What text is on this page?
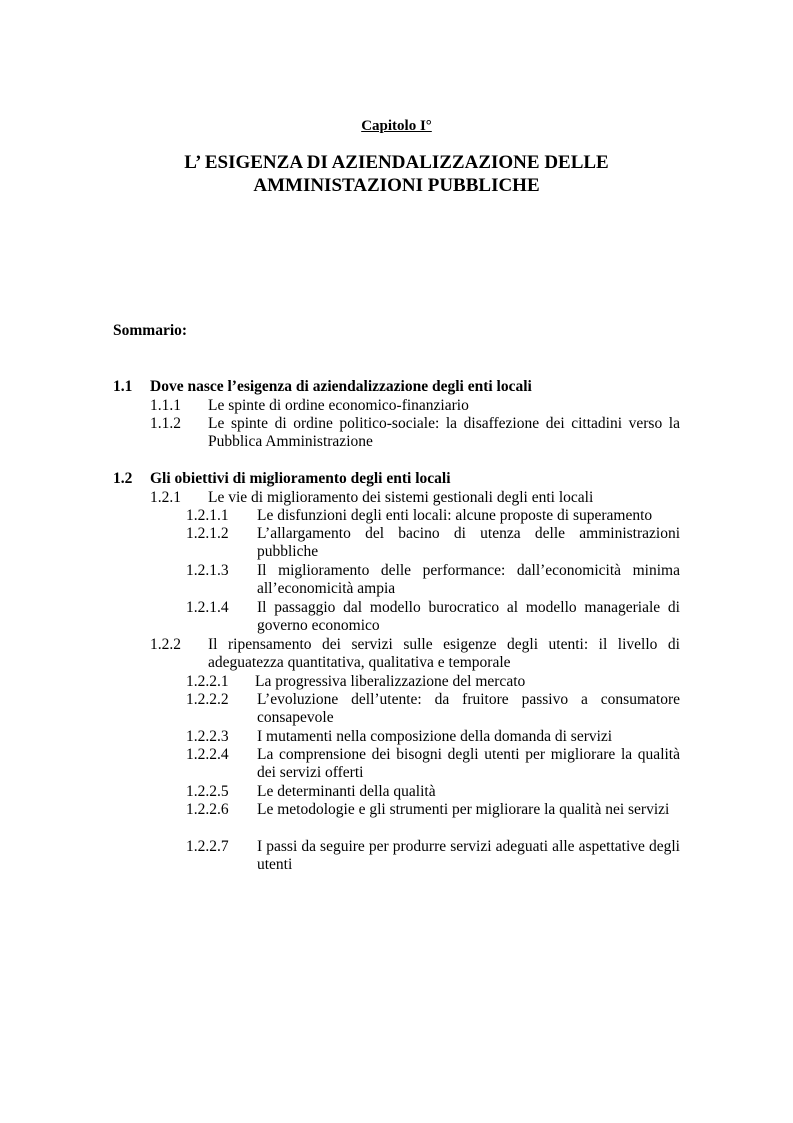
Capitolo I°
L’ ESIGENZA DI AZIENDALIZZAZIONE DELLE
AMMINISTAZIONI PUBBLICHE
Sommario:
1.1 Dove nasce l’esigenza di aziendalizzazione degli enti locali
1.1.1 Le spinte di ordine economico-finanziario
1.1.2 Le spinte di ordine politico-sociale: la disaffezione dei cittadini verso la Pubblica Amministrazione
1.2 Gli obiettivi di miglioramento degli enti locali
1.2.1 Le vie di miglioramento dei sistemi gestionali degli enti locali
1.2.1.1 Le disfunzioni degli enti locali: alcune proposte di superamento
1.2.1.2 L’allargamento del bacino di utenza delle amministrazioni pubbliche
1.2.1.3 Il miglioramento delle performance: dall’economicità minima all’economicità ampia
1.2.1.4 Il passaggio dal modello burocratico al modello manageriale di governo economico
1.2.2 Il ripensamento dei servizi sulle esigenze degli utenti: il livello di adeguatezza quantitativa, qualitativa e temporale
1.2.2.1 La progressiva liberalizzazione del mercato
1.2.2.2 L’evoluzione dell’utente: da fruitore passivo a consumatore consapevole
1.2.2.3 I mutamenti nella composizione della domanda di servizi
1.2.2.4 La comprensione dei bisogni degli utenti per migliorare la qualità dei servizi offerti
1.2.2.5 Le determinanti della qualità
1.2.2.6 Le metodologie e gli strumenti per migliorare la qualità nei servizi
1.2.2.7 I passi da seguire per produrre servizi adeguati alle aspettative degli utenti
